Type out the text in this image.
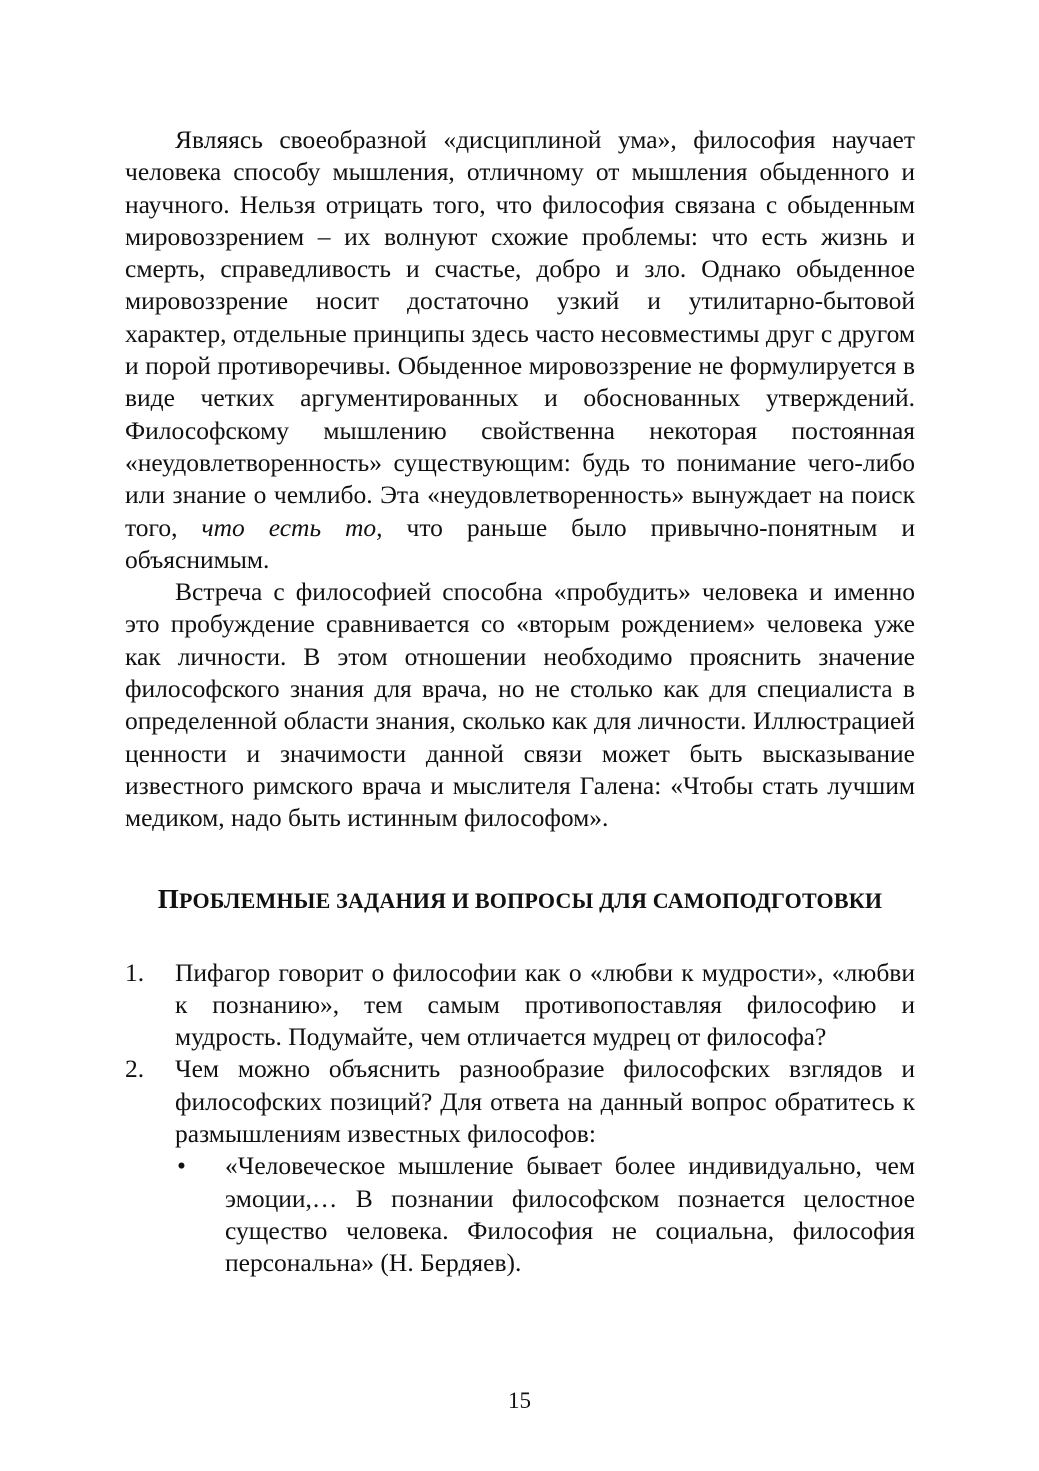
Являясь своеобразной «дисциплиной ума», философия научает человека способу мышления, отличному от мышления обыденного и научного. Нельзя отрицать того, что философия связана с обыденным мировоззрением – их волнуют схожие проблемы: что есть жизнь и смерть, справедливость и счастье, добро и зло. Однако обыденное мировоззрение носит достаточно узкий и утилитарно-бытовой характер, отдельные принципы здесь часто несовместимы друг с другом и порой противоречивы. Обыденное мировоззрение не формулируется в виде четких аргументированных и обоснованных утверждений. Философскому мышлению свойственна некоторая постоянная «неудовлетворенность» существующим: будь то понимание чего-либо или знание о чемлибо. Эта «неудовлетворенность» вынуждает на поиск того, что есть то, что раньше было привычно-понятным и объяснимым.

Встреча с философией способна «пробудить» человека и именно это пробуждение сравнивается со «вторым рождением» человека уже как личности. В этом отношении необходимо прояснить значение философского знания для врача, но не столько как для специалиста в определенной области знания, сколько как для личности. Иллюстрацией ценности и значимости данной связи может быть высказывание известного римского врача и мыслителя Галена: «Чтобы стать лучшим медиком, надо быть истинным философом».

ПРОБЛЕМНЫЕ ЗАДАНИЯ И ВОПРОСЫ ДЛЯ САМОПОДГОТОВКИ
1.	Пифагор говорит о философии как о «любви к мудрости», «любви к познанию», тем самым противопоставляя философию и мудрость. Подумайте, чем отличается мудрец от философа?

2.	Чем можно объяснить разнообразие философских взглядов и философских позиций? Для ответа на данный вопрос обратитесь к размышлениям известных философов:

•	«Человеческое мышление бывает более индивидуально, чем эмоции,… В познании философском познается целостное существо человека. Философия не социальна, философия персональна» (Н. Бердяев).

15
